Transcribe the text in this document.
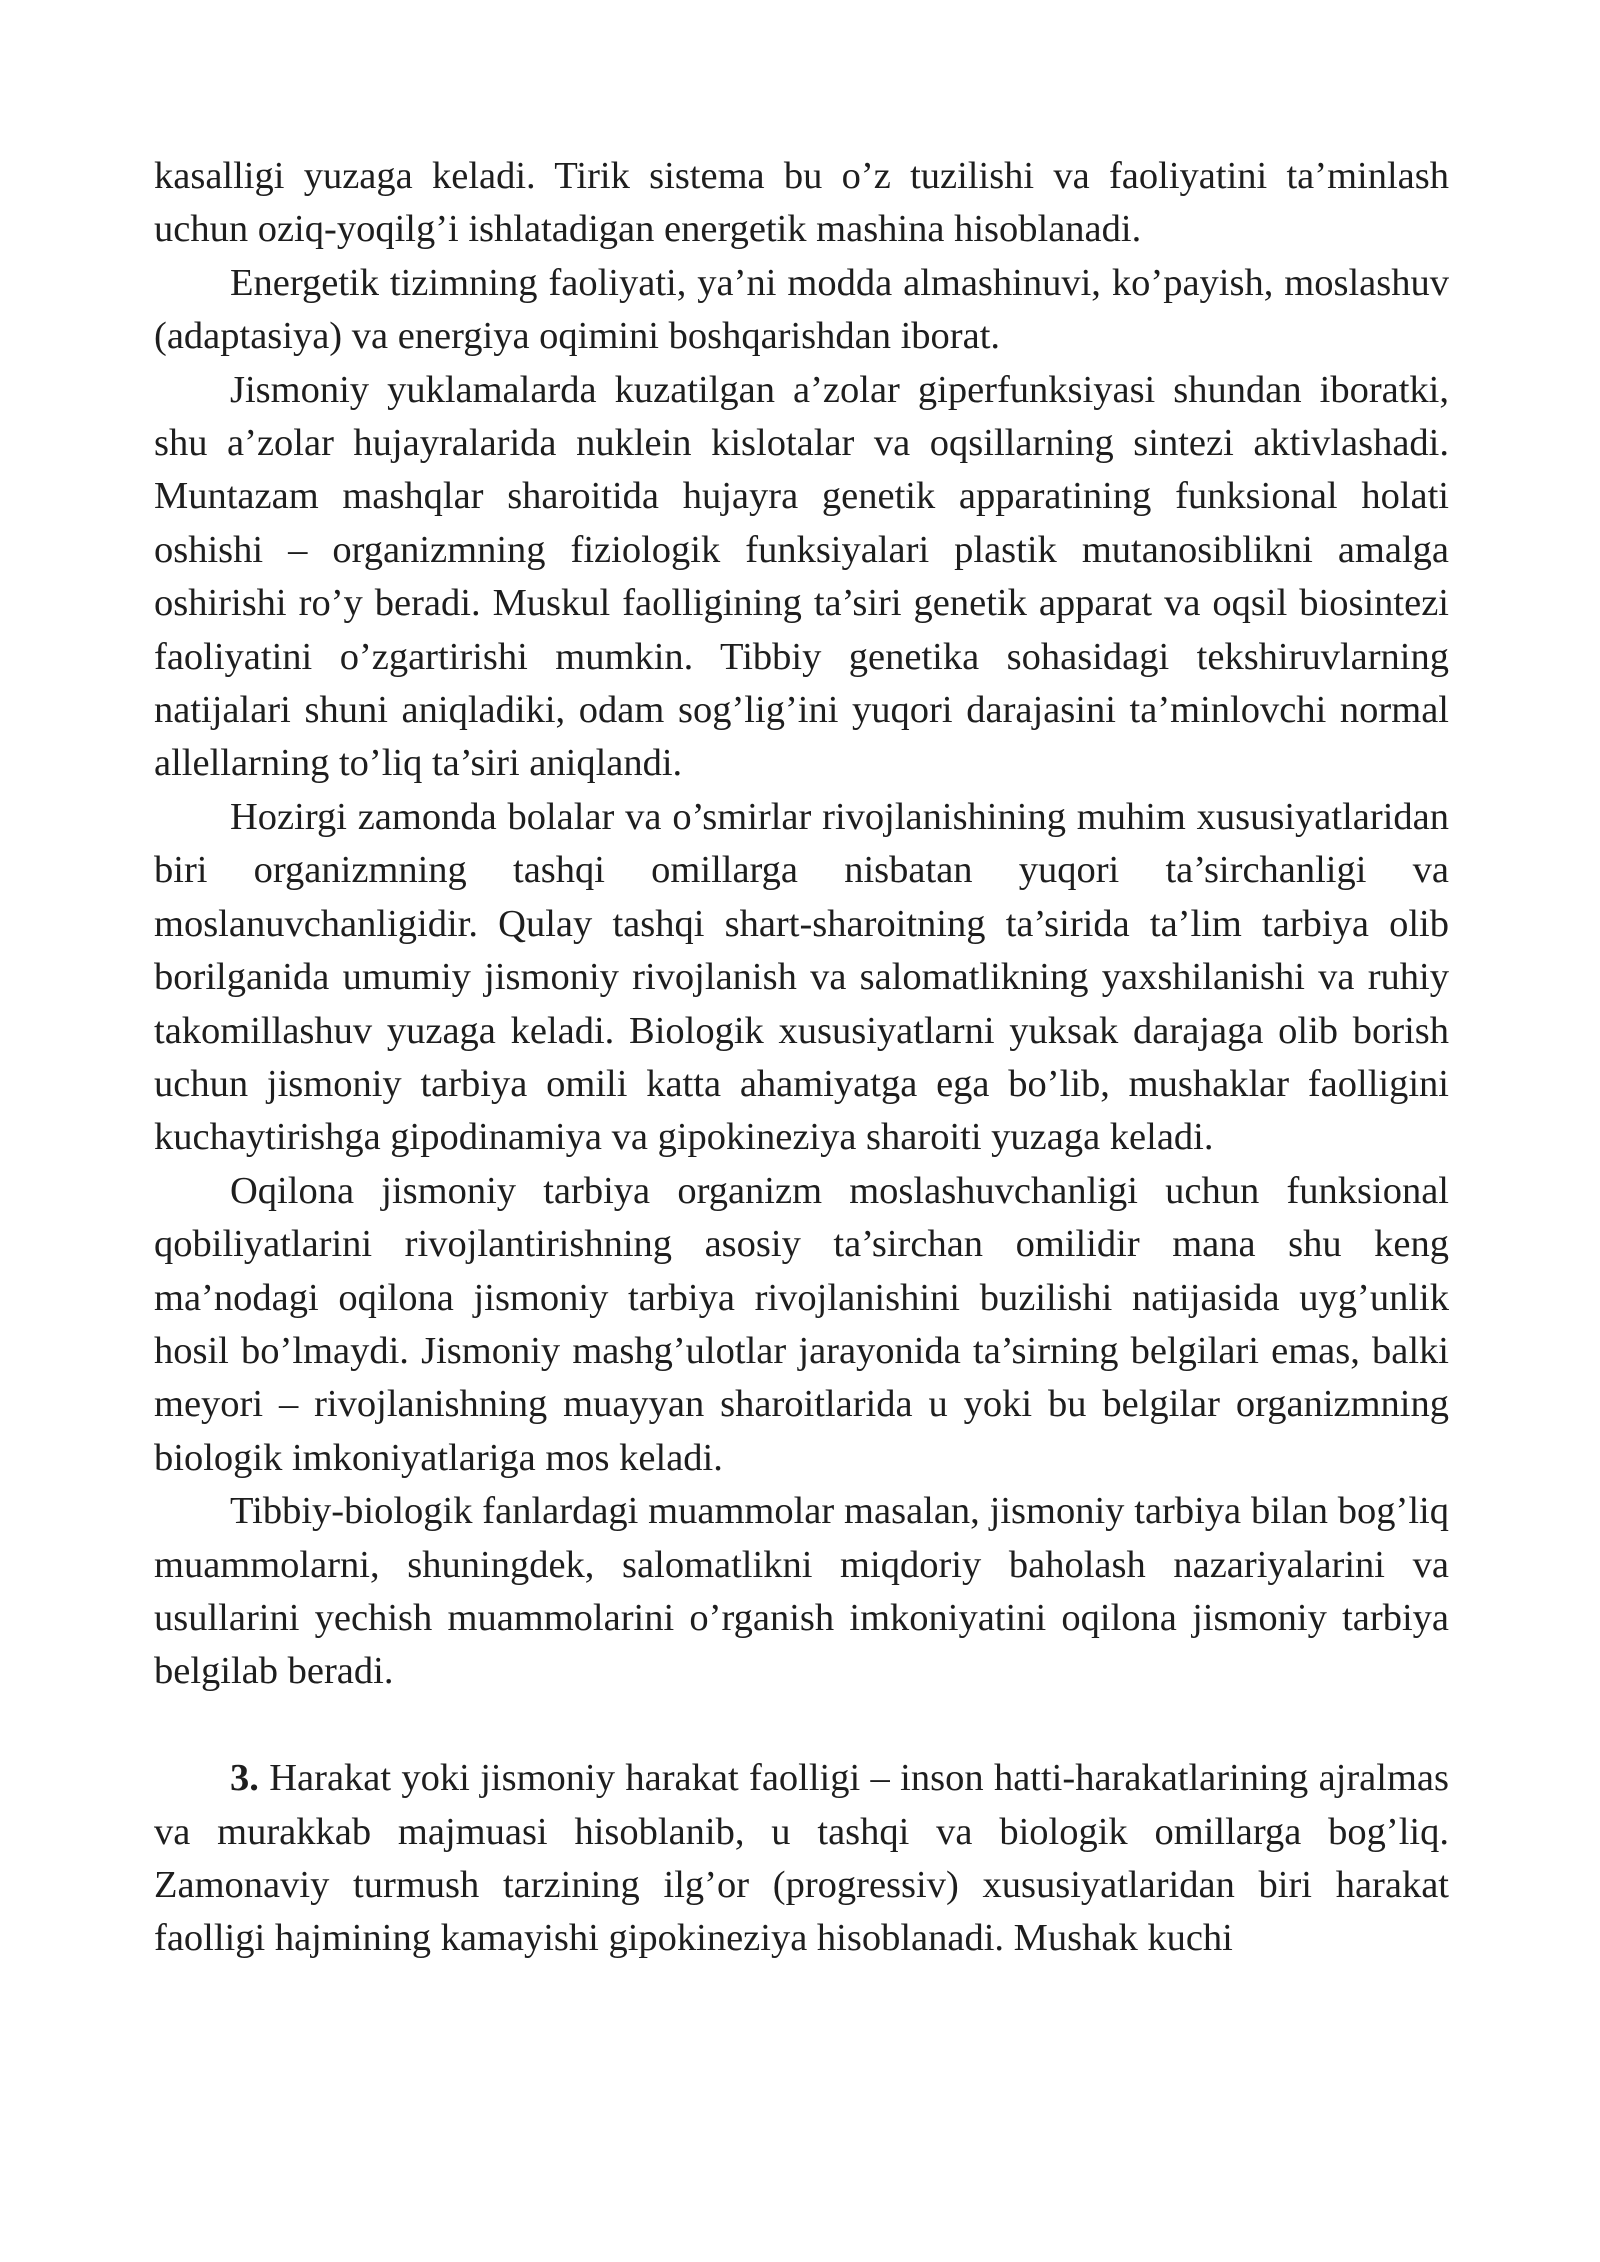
kasalligi yuzaga keladi. Tirik sistema bu o’z tuzilishi va faoliyatini ta’minlash uchun oziq-yoqilg’i ishlatadigan energetik mashina hisoblanadi.

Energetik tizimning faoliyati, ya’ni modda almashinuvi, ko’payish, moslashuv (adaptasiya) va energiya oqimini boshqarishdan iborat.

Jismoniy yuklamalarda kuzatilgan a’zolar giperfunksiyasi shundan iboratki, shu a’zolar hujayralarida nuklein kislotalar va oqsillarning sintezi aktivlashadi. Muntazam mashqlar sharoitida hujayra genetik apparatining funksional holati oshishi – organizmning fiziologik funksiyalari plastik mutanosiblikni amalga oshirishi ro’y beradi. Muskul faolligining ta’siri genetik apparat va oqsil biosintezi faoliyatini o’zgartirishi mumkin. Tibbiy genetika sohasidagi tekshiruvlarning natijalari shuni aniqladiki, odam sog’lig’ini yuqori darajasini ta’minlovchi normal allellarning to’liq ta’siri aniqlandi.

Hozirgi zamonda bolalar va o’smirlar rivojlanishining muhim xususiyatlaridan biri organizmning tashqi omillarga nisbatan yuqori ta’sirchanligi va moslanuvchanligidir. Qulay tashqi shart-sharoitning ta’sirida ta’lim tarbiya olib borilganida umumiy jismoniy rivojlanish va salomatlikning yaxshilanishi va ruhiy takomillashuv yuzaga keladi. Biologik xususiyatlarni yuksak darajaga olib borish uchun jismoniy tarbiya omili katta ahamiyatga ega bo’lib, mushaklar faolligini kuchaytirishga gipodinamiya va gipokineziya sharoiti yuzaga keladi.

Oqilona jismoniy tarbiya organizm moslashuvchanligi uchun funksional qobiliyatlarini rivojlantirishning asosiy ta’sirchan omilidir mana shu keng ma’nodagi oqilona jismoniy tarbiya rivojlanishini buzilishi natijasida uyg’unlik hosil bo’lmaydi. Jismoniy mashg’ulotlar jarayonida ta’sirning belgilari emas, balki meyori – rivojlanishning muayyan sharoitlarida u yoki bu belgilar organizmning biologik imkoniyatlariga mos keladi.

Tibbiy-biologik fanlardagi muammolar masalan, jismoniy tarbiya bilan bog’liq muammolarni, shuningdek, salomatlikni miqdoriy baholash nazariyalarini va usullarini yechish muammolarini o’rganish imkoniyatini oqilona jismoniy tarbiya belgilab beradi.

3. Harakat yoki jismoniy harakat faolligi – inson hatti-harakatlarining ajralmas va murakkab majmuasi hisoblanib, u tashqi va biologik omillarga bog’liq. Zamonaviy turmush tarzining ilg’or (progressiv) xususiyatlaridan biri harakat faolligi hajmining kamayishi gipokineziya hisoblanadi. Mushak kuchi
